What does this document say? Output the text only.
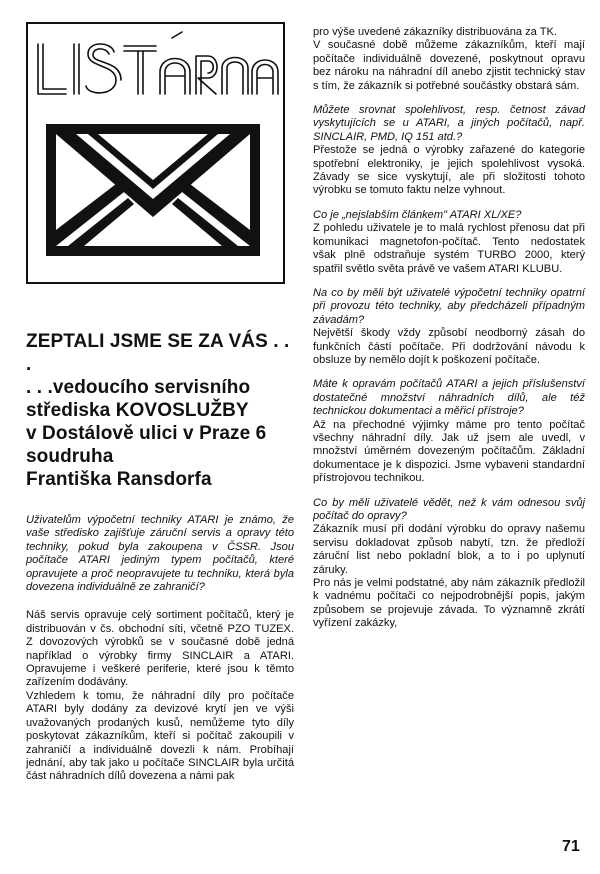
ZEPTALI JSME SE ZA VÁS . . .
. . .vedoucího servisního
střediska KOVOSLUŽBY
v Dostálově ulici v Praze 6
soudruha
Františka Ransdorfa

Uživatelům výpočetní techniky ATARI je známo, že vaše středisko zajišťuje záruční servis a opravy této techniky, pokud byla zakoupena v ČSSR. Jsou počítače ATARI jediným typem počítačů, které opravujete a proč neopravujete tu techniku, která byla dovezena individuálně ze zahraničí?

Náš servis opravuje celý sortiment počítačů, který je distribuován v čs. obchodní síti, včetně PZO TUZEX. Z dovozových výrobků se v současné době jedná například o výrobky firmy SINCLAIR a ATARI. Opravujeme i veškeré periferie, které jsou k těmto zařízením dodávány.

Vzhledem k tomu, že náhradní díly pro počítače ATARI byly dodány za devizové krytí jen ve výši uvažovaných prodaných kusů, nemůžeme tyto díly poskytovat zákazníkům, kteří si počítač zakoupili v zahraničí a individuálně dovezli k nám. Probíhají jednání, aby tak jako u počítače SINCLAIR byla určitá část náhradních dílů dovezena a námi pak

pro výše uvedené zákazníky distribuována za TK.

V současné době můžeme zákazníkům, kteří mají počítače individuálně dovezené, poskytnout opravu bez nároku na náhradní díl anebo zjistit technický stav s tím, že zákazník si potřebné součástky obstará sám.

Můžete srovnat spolehlivost, resp. četnost závad vyskytujících se u ATARI, a jiných počítačů, např. SINCLAIR, PMD, IQ 151 atd.?

Přestože se jedná o výrobky zařazené do kategorie spotřební elektroniky, je jejich spolehlivost vysoká. Závady se sice vyskytují, ale při složitosti tohoto výrobku se tomuto faktu nelze vyhnout.

Co je „nejslabším článkem" ATARI XL/XE?

Z pohledu uživatele je to malá rychlost přenosu dat při komunikaci magnetofon-počítač. Tento nedostatek však plně odstraňuje systém TURBO 2000, který spatřil světlo světa právě ve vašem ATARI KLUBU.

Na co by měli být uživatelé výpočetní techniky opatrní při provozu této techniky, aby předcházeli případným závadám?

Největší škody vždy způsobí neodborný zásah do funkčních částí počítače. Při dodržování návodu k obsluze by nemělo dojít k poškození počítače.

Máte k opravám počítačů ATARI a jejich příslušenství dostatečné množství náhradních dílů, ale též technickou dokumentaci a měřicí přístroje?

Až na přechodné výjimky máme pro tento počítač všechny náhradní díly. Jak už jsem ale uvedl, v množství úměrném dovezeným počítačům. Základní dokumentace je k dispozici. Jsme vybaveni standardní přístrojovou technikou.

Co by měli uživatelé vědět, než k vám odnesou svůj počítač do opravy?

Zákazník musí při dodání výrobku do opravy našemu servisu dokladovat způsob nabytí, tzn. že předloží záruční list nebo pokladní blok, a to i po uplynutí záruky.

Pro nás je velmi podstatné, aby nám zákazník předložil k vadnému počítači co nejpodrobnější popis, jakým způsobem se projevuje závada. To významně zkrátí vyřízení zakázky,

71
